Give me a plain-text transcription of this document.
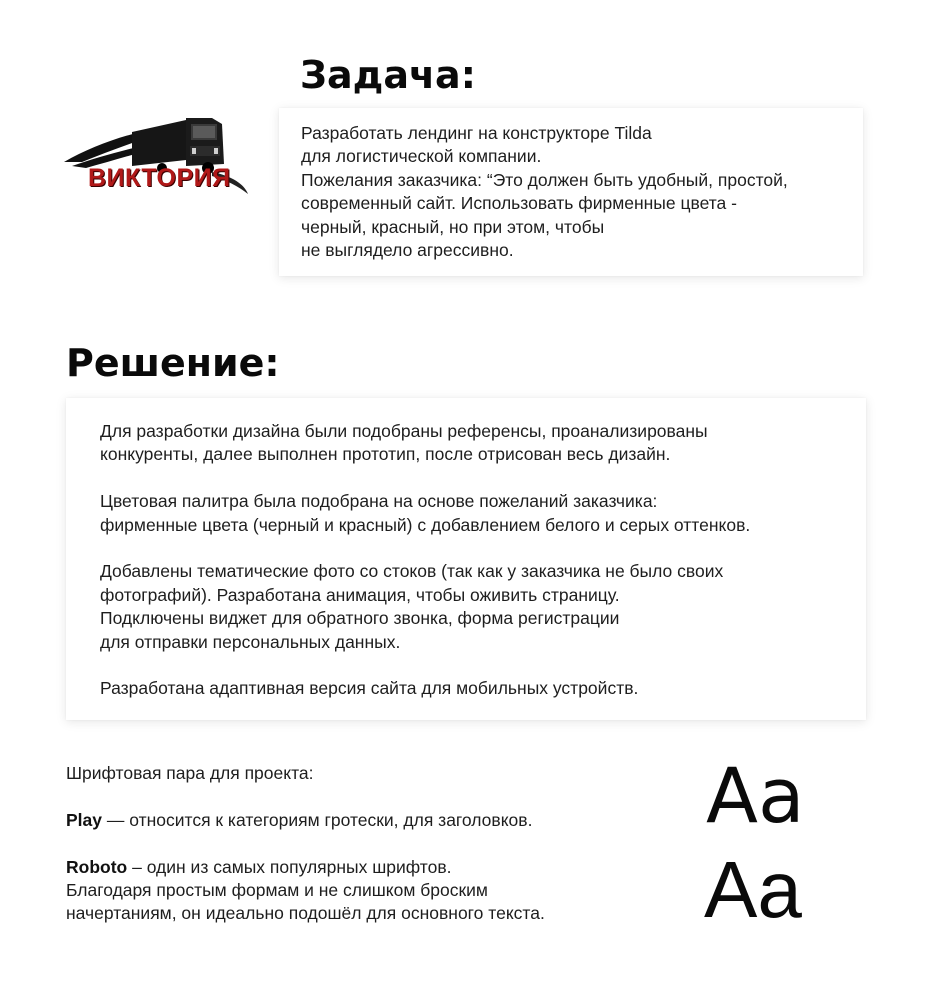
Задача:
ВИКТОРИЯ
Разработать лендинг на конструкторе Tilda
для логистической компании.
Пожелания заказчика: “Это должен быть удобный, простой,
современный сайт. Использовать фирменные цвета -
черный, красный, но при этом, чтобы
не выглядело агрессивно.
Решение:

Для разработки дизайна были подобраны референсы, проанализированы
конкуренты, далее выполнен прототип, после отрисован весь дизайн.

Цветовая палитра была подобрана на основе пожеланий заказчика:
фирменные цвета (черный и красный) с добавлением белого и серых оттенков.

Добавлены тематические фото со стоков (так как у заказчика не было своих
фотографий). Разработана анимация, чтобы оживить страницу.
Подключены виджет для обратного звонка, форма регистрации
для отправки персональных данных.

Разработана адаптивная версия сайта для мобильных устройств.

Шрифтовая пара для проекта:
Play — относится к категориям гротески, для заголовков.
Roboto – один из самых популярных шрифтов.
Благодаря простым формам и не слишком броским
начертаниям, он идеально подошёл для основного текста.
Aa
Aa
